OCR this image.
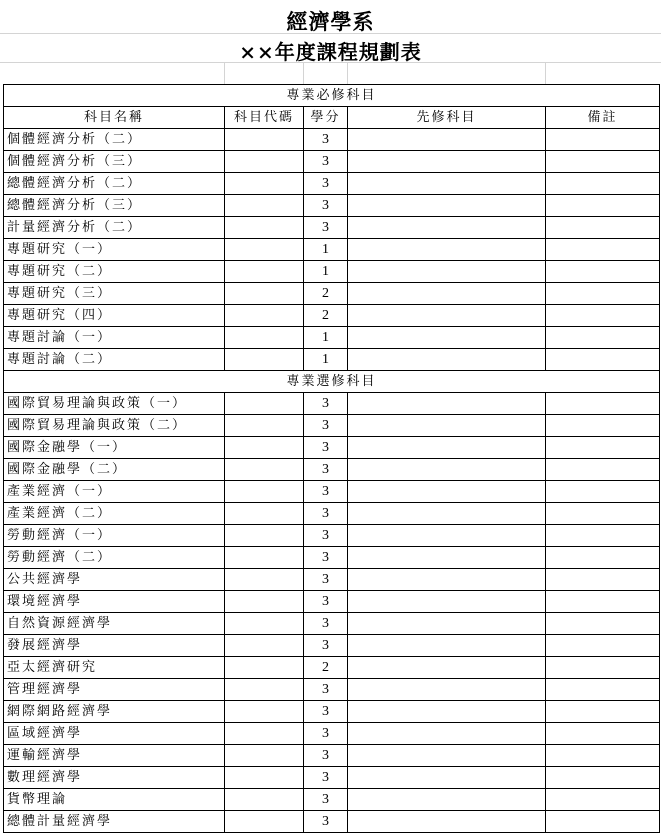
經濟學系
××年度課程規劃表
專業必修科目				
科目名稱	科目代碼	學分	先修科目	備註
個體經濟分析（二）		3		
個體經濟分析（三）		3		
總體經濟分析（二）		3		
總體經濟分析（三）		3		
計量經濟分析（二）		3		
專題研究（一）		1		
專題研究（二）		1		
專題研究（三）		2		
專題研究（四）		2		
專題討論（一）		1		
專題討論（二）		1		
專業選修科目				
國際貿易理論與政策（一）		3		
國際貿易理論與政策（二）		3		
國際金融學（一）		3		
國際金融學（二）		3		
產業經濟（一）		3		
產業經濟（二）		3		
勞動經濟（一）		3		
勞動經濟（二）		3		
公共經濟學		3		
環境經濟學		3		
自然資源經濟學		3		
發展經濟學		3		
亞太經濟研究		2		
管理經濟學		3		
網際網路經濟學		3		
區域經濟學		3		
運輸經濟學		3		
數理經濟學		3		
貨幣理論		3		
總體計量經濟學		3		
